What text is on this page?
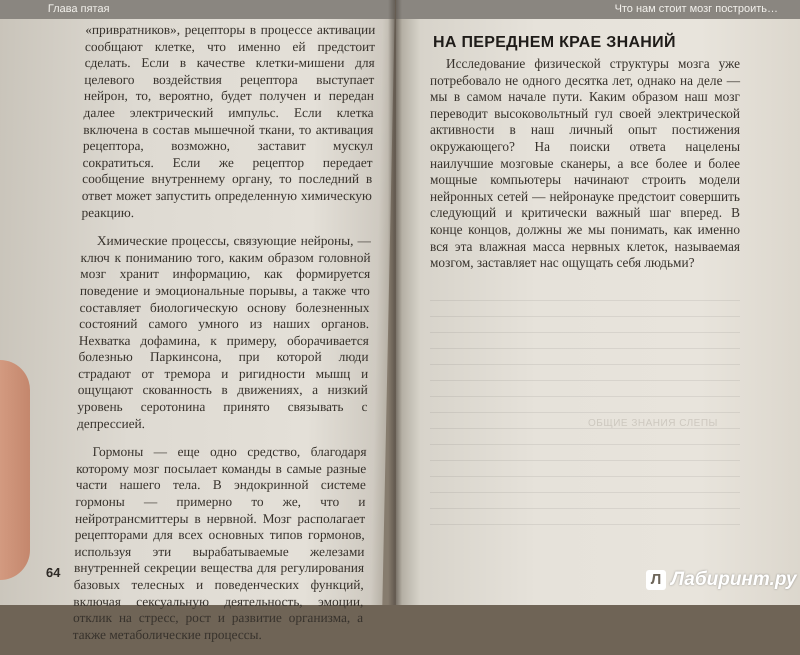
Глава пятая

«привратников», рецепторы в процессе активации сообщают клетке, что именно ей предстоит сделать. Если в качестве клетки-мишени для целевого воздействия рецептора выступает нейрон, то, вероятно, будет получен и передан далее электрический импульс. Если клетка включена в состав мышечной ткани, то активация рецептора, возможно, заставит мускул сократиться. Если же рецептор передает сообщение внутреннему органу, то последний в ответ может запустить определенную химическую реакцию.

Химические процессы, связующие нейроны, — ключ к пониманию того, каким образом головной мозг хранит информацию, как формируется поведение и эмоциональные порывы, а также что составляет биологическую основу болезненных состояний самого умного из наших органов. Нехватка дофамина, к примеру, оборачивается болезнью Паркинсона, при которой люди страдают от тремора и ригидности мышц и ощущают скованность в движениях, а низкий уровень серотонина принято связывать с депрессией.

Гормоны — еще одно средство, благодаря которому мозг посылает команды в самые разные части нашего тела. В эндокринной системе гормоны — примерно то же, что и нейротрансмиттеры в нервной. Мозг располагает рецепторами для всех основных типов гормонов, используя эти вырабатываемые железами внутренней секреции вещества для регулирования базовых телесных и поведенческих функций, включая сексуальную деятельность, эмоции, отклик на стресс, рост и развитие организма, а также метаболические процессы.

64
Что нам стоит мозг построить…
НА ПЕРЕДНЕМ КРАЕ ЗНАНИЙ

Исследование физической структуры мозга уже потребовало не одного десятка лет, однако на деле — мы в самом начале пути. Каким образом наш мозг переводит высоковольтный гул своей электрической активности в наш личный опыт постижения окружающего? На поиски ответа нацелены наилучшие мозговые сканеры, а все более и более мощные компьютеры начинают строить модели нейронных сетей — нейронауке предстоит совершить следующий и критически важный шаг вперед. В конце концов, должны же мы понимать, как именно вся эта влажная масса нервных клеток, называемая мозгом, заставляет нас ощущать себя людьми?

ОБЩИЕ ЗНАНИЯ СЛЕПЫ
Л Лабиринт.ру
